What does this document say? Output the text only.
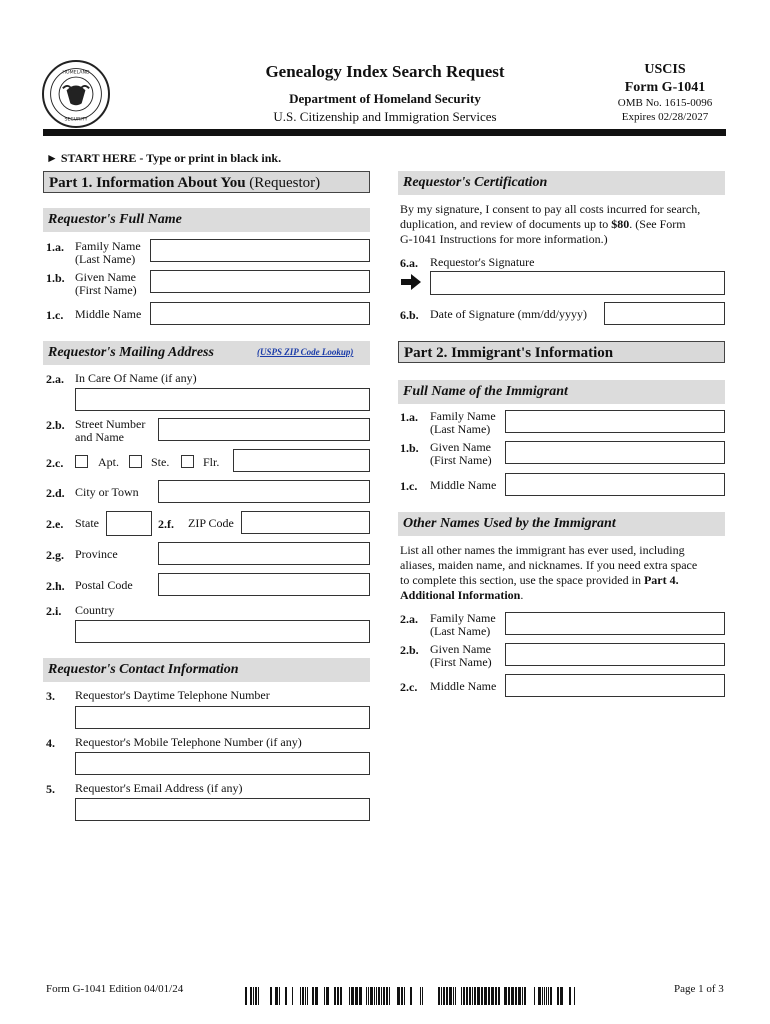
HOMELAND
SECURITY
Genealogy Index Search Request
Department of Homeland Security
U.S. Citizenship and Immigration Services
USCIS
Form G-1041
OMB No. 1615-0096
Expires 02/28/2027
► START HERE - Type or print in black ink.
Part 1. Information About You (Requestor)
Requestor's Full Name
1.a. Family Name
(Last Name)
1.b. Given Name
(First Name)
1.c. Middle Name
Requestor's Mailing Address	(USPS ZIP Code Lookup)
2.a. In Care Of Name (if any)
2.b. Street Number
and Name
2.c.	Apt.	Ste.	Flr.
2.d. City or Town
2.e. State	2.f. ZIP Code
2.g. Province
2.h. Postal Code
2.i. Country
Requestor's Contact Information
3. Requestor's Daytime Telephone Number
4. Requestor's Mobile Telephone Number (if any)
5. Requestor's Email Address (if any)
Requestor's Certification
By my signature, I consent to pay all costs incurred for search,
duplication, and review of documents up to $80. (See Form
G-1041 Instructions for more information.)
6.a. Requestor's Signature
6.b. Date of Signature (mm/dd/yyyy)
Part 2. Immigrant's Information
Full Name of the Immigrant
1.a. Family Name
(Last Name)
1.b. Given Name
(First Name)
1.c. Middle Name
Other Names Used by the Immigrant
List all other names the immigrant has ever used, including
aliases, maiden name, and nicknames. If you need extra space
to complete this section, use the space provided in Part 4.
Additional Information.
2.a. Family Name
(Last Name)
2.b. Given Name
(First Name)
2.c. Middle Name
Form G-1041 Edition 04/01/24	Page 1 of 3
